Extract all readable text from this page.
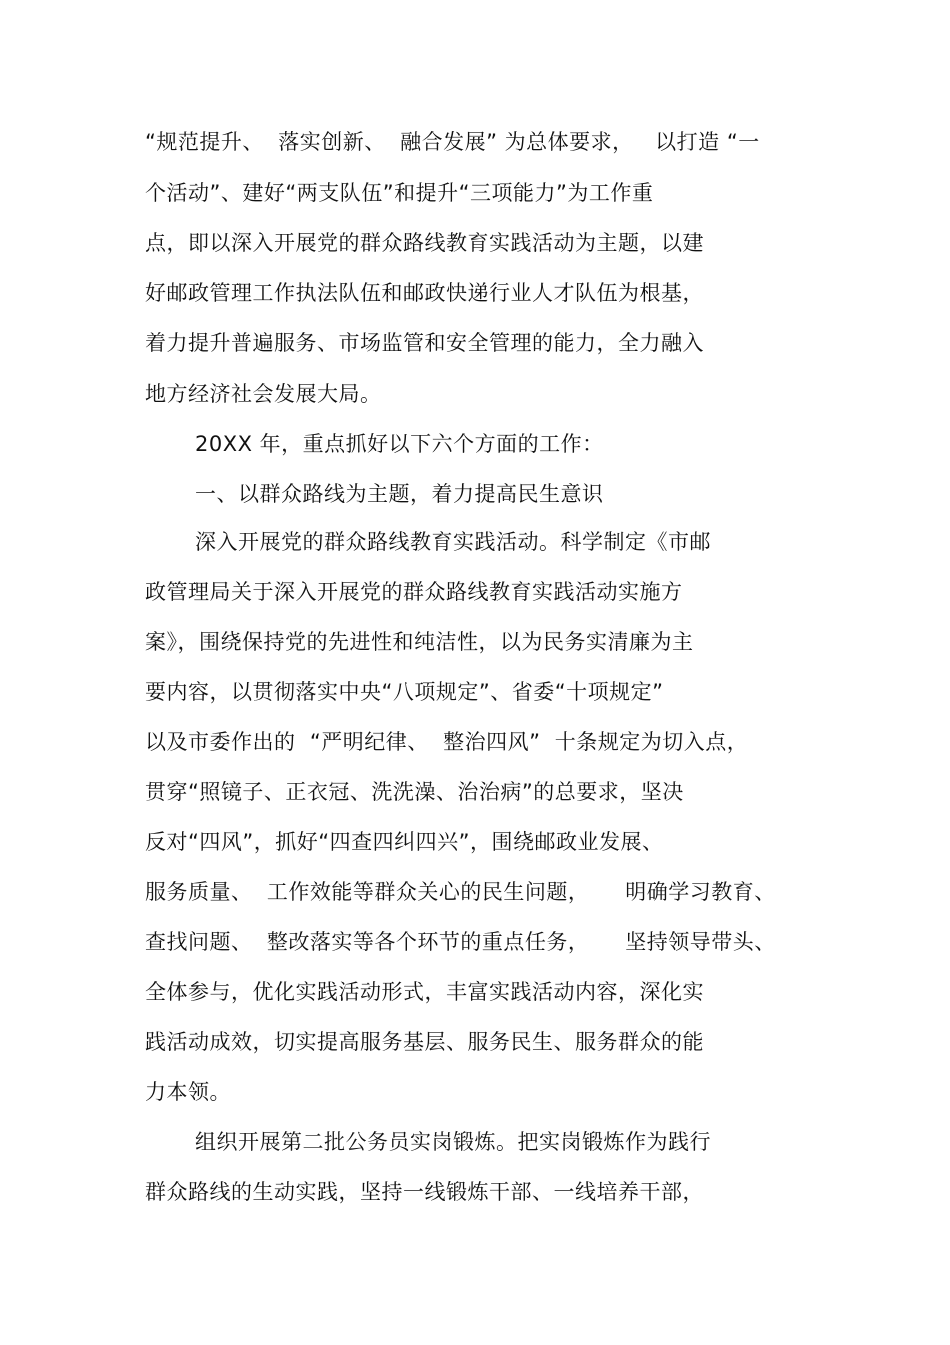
“规范提升、  落实创新、  融合发展” 为总体要求，   以打造 “一
个活动”、建好“两支队伍”和提升“三项能力”为工作重
点，即以深入开展党的群众路线教育实践活动为主题，以建
好邮政管理工作执法队伍和邮政快递行业人才队伍为根基，
着力提升普遍服务、市场监管和安全管理的能力，全力融入
地方经济社会发展大局。
20XX 年，重点抓好以下六个方面的工作：
一、以群众路线为主题，着力提高民生意识
深入开展党的群众路线教育实践活动。科学制定《市邮
政管理局关于深入开展党的群众路线教育实践活动实施方
案》，围绕保持党的先进性和纯洁性，以为民务实清廉为主
要内容，以贯彻落实中央“八项规定”、省委“十项规定”
以及市委作出的  “严明纪律、  整治四风”  十条规定为切入点，
贯穿“照镜子、正衣冠、洗洗澡、治治病”的总要求，坚决
反对“四风”，抓好“四查四纠四兴”，围绕邮政业发展、
服务质量、  工作效能等群众关心的民生问题，     明确学习教育、
查找问题、  整改落实等各个环节的重点任务，     坚持领导带头、
全体参与，优化实践活动形式，丰富实践活动内容，深化实
践活动成效，切实提高服务基层、服务民生、服务群众的能
力本领。
组织开展第二批公务员实岗锻炼。把实岗锻炼作为践行
群众路线的生动实践，坚持一线锻炼干部、一线培养干部，
